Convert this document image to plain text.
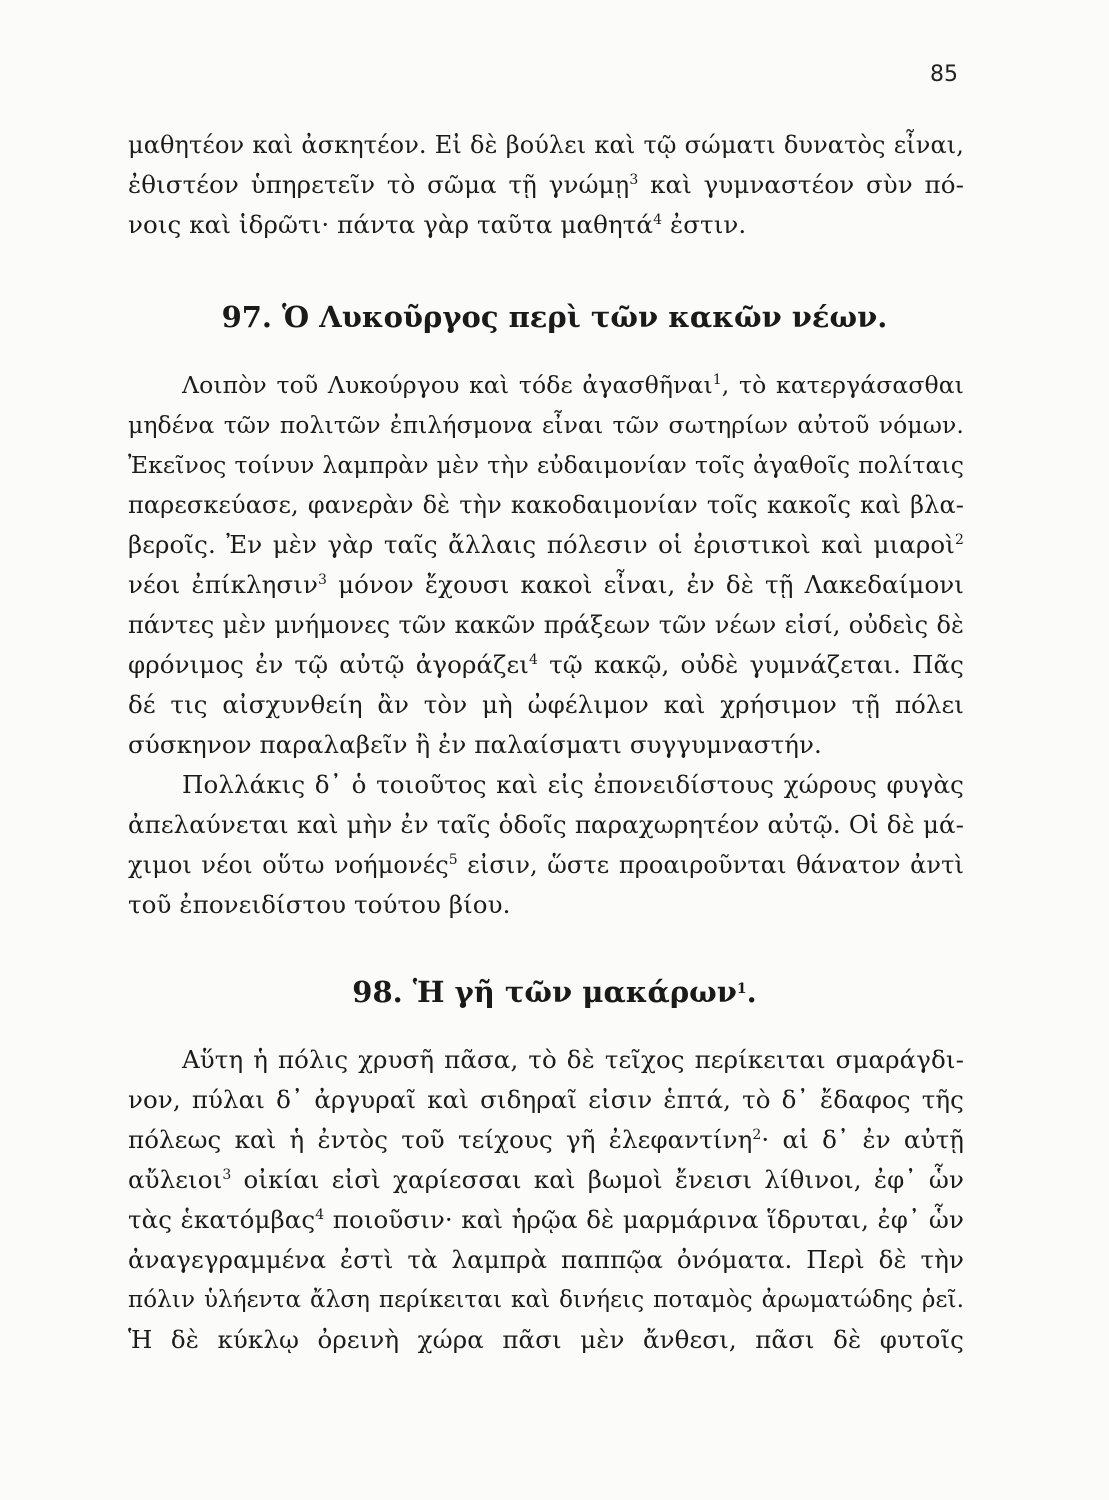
85
μαθητέον καὶ ἀσκητέον. Εἰ δὲ βούλει καὶ τῷ σώματι δυνατὸς εἶναι,
ἐθιστέον ὑπηρετεῖν τὸ σῶμα τῇ γνώμῃ$^3$ καὶ γυμναστέον σὺν πό-
νοις καὶ ἱδρῶτι· πάντα γὰρ ταῦτα μαθητά$^4$ ἐστιν.
97. Ὁ Λυκοῦργος περὶ τῶν κακῶν νέων.
Λοιπὸν τοῦ Λυκούργου καὶ τόδε ἀγασθῆναι$^1$, τὸ κατεργάσασθαι
μηδένα τῶν πολιτῶν ἐπιλήσμονα εἶναι τῶν σωτηρίων αὐτοῦ νόμων.
Ἐκεῖνος τοίνυν λαμπρὰν μὲν τὴν εὐδαιμονίαν τοῖς ἀγαθοῖς πολίταις
παρεσκεύασε, φανερὰν δὲ τὴν κακοδαιμονίαν τοῖς κακοῖς καὶ βλα-
βεροῖς. Ἐν μὲν γὰρ ταῖς ἄλλαις πόλεσιν οἱ ἐριστικοὶ καὶ μιαροὶ$^2$
νέοι ἐπίκλησιν$^3$ μόνον ἔχουσι κακοὶ εἶναι, ἐν δὲ τῇ Λακεδαίμονι
πάντες μὲν μνήμονες τῶν κακῶν πράξεων τῶν νέων εἰσί, οὐδεὶς δὲ
φρόνιμος ἐν τῷ αὐτῷ ἀγοράζει$^4$ τῷ κακῷ, οὐδὲ γυμνάζεται. Πᾶς
δέ τις αἰσχυνθείη ἂν τὸν μὴ ὠφέλιμον καὶ χρήσιμον τῇ πόλει
σύσκηνον παραλαβεῖν ἢ ἐν παλαίσματι συγγυμναστήν.
Πολλάκις δ᾽ ὁ τοιοῦτος καὶ εἰς ἐπονειδίστους χώρους φυγὰς
ἀπελαύνεται καὶ μὴν ἐν ταῖς ὁδοῖς παραχωρητέον αὐτῷ. Οἱ δὲ μά-
χιμοι νέοι οὕτω νοήμονές$^5$ εἰσιν, ὥστε προαιροῦνται θάνατον ἀντὶ
τοῦ ἐπονειδίστου τούτου βίου.
98. Ἡ γῆ τῶν μακάρων$^1$.
Αὕτη ἡ πόλις χρυσῆ πᾶσα, τὸ δὲ τεῖχος περίκειται σμαράγδι-
νον, πύλαι δ᾽ ἀργυραῖ καὶ σιδηραῖ εἰσιν ἑπτά, τὸ δ᾽ ἔδαφος τῆς
πόλεως καὶ ἡ ἐντὸς τοῦ τείχους γῆ ἐλεφαντίνη$^2$· αἱ δ᾽ ἐν αὐτῇ
αὔλειοι$^3$ οἰκίαι εἰσὶ χαρίεσσαι καὶ βωμοὶ ἔνεισι λίθινοι, ἐφ᾽ ὧν
τὰς ἑκατόμβας$^4$ ποιοῦσιν· καὶ ἡρῷα δὲ μαρμάρινα ἵδρυται, ἐφ᾽ ὧν
ἀναγεγραμμένα ἐστὶ τὰ λαμπρὰ παππῷα ὀνόματα. Περὶ δὲ τὴν
πόλιν ὑλήεντα ἄλση περίκειται καὶ δινήεις ποταμὸς ἀρωματώδης ῥεῖ.
Ἡ δὲ κύκλῳ ὀρεινὴ χώρα πᾶσι μὲν ἄνθεσι, πᾶσι δὲ φυτοῖς
